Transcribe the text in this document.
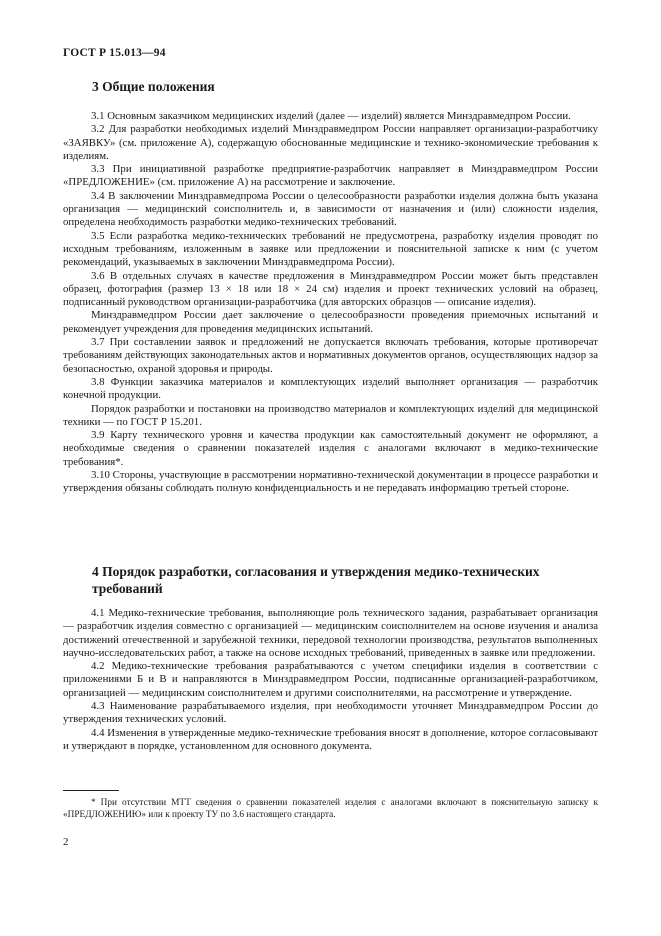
ГОСТ Р 15.013—94
3 Общие положения

3.1 Основным заказчиком медицинских изделий (далее — изделий) является Минздравмедпром России.

3.2 Для разработки необходимых изделий Минздравмедпром России направляет организации-разработчику «ЗАЯВКУ» (см. приложение А), содержащую обоснованные медицинские и технико-экономические требования к изделиям.

3.3 При инициативной разработке предприятие-разработчик направляет в Минздравмедпром России «ПРЕДЛОЖЕНИЕ» (см. приложение А) на рассмотрение и заключение.

3.4 В заключении Минздравмедпрома России о целесообразности разработки изделия должна быть указана организация — медицинский соисполнитель и, в зависимости от назначения и (или) сложности изделия, определена необходимость разработки медико-технических требований.

3.5 Если разработка медико-технических требований не предусмотрена, разработку изделия проводят по исходным требованиям, изложенным в заявке или предложении и пояснительной записке к ним (с учетом рекомендаций, указываемых в заключении Минздравмедпрома России).

3.6 В отдельных случаях в качестве предложения в Минздравмедпром России может быть представлен образец, фотография (размер 13 × 18 или 18 × 24 см) изделия и проект технических условий на образец, подписанный руководством организации-разработчика (для авторских образцов — описание изделия).

Минздравмедпром России дает заключение о целесообразности проведения приемочных испытаний и рекомендует учреждения для проведения медицинских испытаний.

3.7 При составлении заявок и предложений не допускается включать требования, которые противоречат требованиям действующих законодательных актов и нормативных документов органов, осуществляющих надзор за безопасностью, охраной здоровья и природы.

3.8 Функции заказчика материалов и комплектующих изделий выполняет организация — разработчик конечной продукции.

Порядок разработки и постановки на производство материалов и комплектующих изделий для медицинской техники — по ГОСТ Р 15.201.

3.9 Карту технического уровня и качества продукции как самостоятельный документ не оформляют, а необходимые сведения о сравнении показателей изделия с аналогами включают в медико-технические требования*.

3.10 Стороны, участвующие в рассмотрении нормативно-технической документации в процессе разработки и утверждения обязаны соблюдать полную конфиденциальность и не передавать информацию третьей стороне.

4 Порядок разработки, согласования и утверждения медико-технических требований

4.1 Медико-технические требования, выполняющие роль технического задания, разрабатывает организация — разработчик изделия совместно с организацией — медицинским соисполнителем на основе изучения и анализа достижений отечественной и зарубежной техники, передовой технологии производства, результатов выполненных научно-исследовательских работ, а также на основе исходных требований, приведенных в заявке или предложении.

4.2 Медико-технические требования разрабатываются с учетом специфики изделия в соответствии с приложениями Б и В и направляются в Минздравмедпром России, подписанные организацией-разработчиком, организацией — медицинским соисполнителем и другими соисполнителями, на рассмотрение и утверждение.

4.3 Наименование разрабатываемого изделия, при необходимости уточняет Минздравмедпром России до утверждения технических условий.

4.4 Изменения в утвержденные медико-технические требования вносят в дополнение, которое согласовывают и утверждают в порядке, установленном для основного документа.

* При отсутствии МТТ сведения о сравнении показателей изделия с аналогами включают в пояснительную записку к «ПРЕДЛОЖЕНИЮ» или к проекту ТУ по 3.6 настоящего стандарта.

2
